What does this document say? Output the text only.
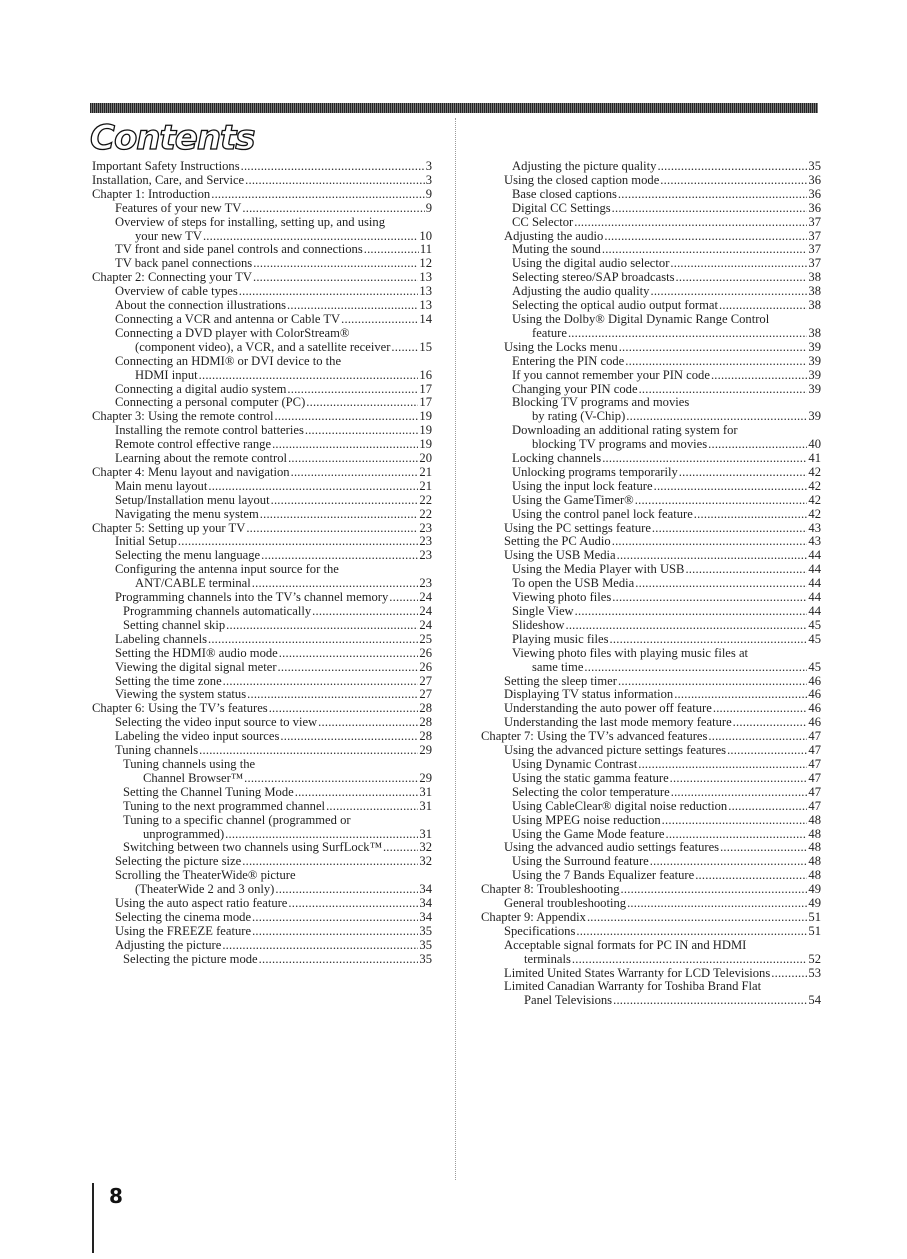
Contents
Important Safety Instructions .....	3
Installation, Care, and Service .....	3
Chapter 1: Introduction .....	9
Features of your new TV .....	9
Overview of steps for installing, setting up, and using
your new TV .....	10
TV front and side panel controls and connections .....	11
TV back panel connections .....	12
Chapter 2: Connecting your TV .....	13
Overview of cable types .....	13
About the connection illustrations .....	13
Connecting a VCR and antenna or Cable TV .....	14
Connecting a DVD player with ColorStream®
(component video), a VCR, and a satellite receiver ..... 15
Connecting an HDMI® or DVI device to the
HDMI input .....	16
Connecting a digital audio system .....	17
Connecting a personal computer (PC) .....	17
Chapter 3: Using the remote control .....	19
Installing the remote control batteries .....	19
Remote control effective range .....	19
Learning about the remote control .....	20
Chapter 4: Menu layout and navigation .....	21
Main menu layout .....	21
Setup/Installation menu layout .....	22
Navigating the menu system .....	22
Chapter 5: Setting up your TV .....	23
Initial Setup .....	23
Selecting the menu language .....	23
Configuring the antenna input source for the
ANT/CABLE terminal .....	23
Programming channels into the TV’s channel memory ..... 24
Programming channels automatically .....	24
Setting channel skip .....	24
Labeling channels .....	25
Setting the HDMI® audio mode .....	26
Viewing the digital signal meter .....	26
Setting the time zone .....	27
Viewing the system status .....	27
Chapter 6: Using the TV’s features .....	28
Selecting the video input source to view .....	28
Labeling the video input sources .....	28
Tuning channels .....	29
Tuning channels using the
Channel Browser™ .....	29
Setting the Channel Tuning Mode .....	31
Tuning to the next programmed channel .....	31
Tuning to a specific channel (programmed or
unprogrammed) .....	31
Switching between two channels using SurfLock™ .....	32
Selecting the picture size .....	32
Scrolling the TheaterWide® picture
(TheaterWide 2 and 3 only) .....	34
Using the auto aspect ratio feature .....	34
Selecting the cinema mode .....	34
Using the FREEZE feature .....	35
Adjusting the picture .....	35
Selecting the picture mode .....	35
Adjusting the picture quality .....	35
Using the closed caption mode .....	36
Base closed captions .....	36
Digital CC Settings .....	36
CC Selector .....	37
Adjusting the audio .....	37
Muting the sound .....	37
Using the digital audio selector .....	37
Selecting stereo/SAP broadcasts .....	38
Adjusting the audio quality .....	38
Selecting the optical audio output format .....	38
Using the Dolby® Digital Dynamic Range Control
feature .....	38
Using the Locks menu .....	39
Entering the PIN code .....	39
If you cannot remember your PIN code .....	39
Changing your PIN code .....	39
Blocking TV programs and movies
by rating (V-Chip) .....	39
Downloading an additional rating system for
blocking TV programs and movies .....	40
Locking channels .....	41
Unlocking programs temporarily .....	42
Using the input lock feature .....	42
Using the GameTimer® .....	42
Using the control panel lock feature .....	42
Using the PC settings feature .....	43
Setting the PC Audio .....	43
Using the USB Media .....	44
Using the Media Player with USB .....	44
To open the USB Media .....	44
Viewing photo files .....	44
Single View .....	44
Slideshow .....	45
Playing music files .....	45
Viewing photo files with playing music files at
same time .....	45
Setting the sleep timer .....	46
Displaying TV status information .....	46
Understanding the auto power off feature .....	46
Understanding the last mode memory feature .....	46
Chapter 7: Using the TV’s advanced features .....	47
Using the advanced picture settings features .....	47
Using Dynamic Contrast .....	47
Using the static gamma feature .....	47
Selecting the color temperature .....	47
Using CableClear® digital noise reduction .....	47
Using MPEG noise reduction .....	48
Using the Game Mode feature .....	48
Using the advanced audio settings features .....	48
Using the Surround feature .....	48
Using the 7 Bands Equalizer feature .....	48
Chapter 8: Troubleshooting .....	49
General troubleshooting .....	49
Chapter 9: Appendix .....	51
Specifications .....	51
Acceptable signal formats for PC IN and HDMI
terminals .....	52
Limited United States Warranty for LCD Televisions .....	53
Limited Canadian Warranty for Toshiba Brand Flat
Panel Televisions .....	54
8
